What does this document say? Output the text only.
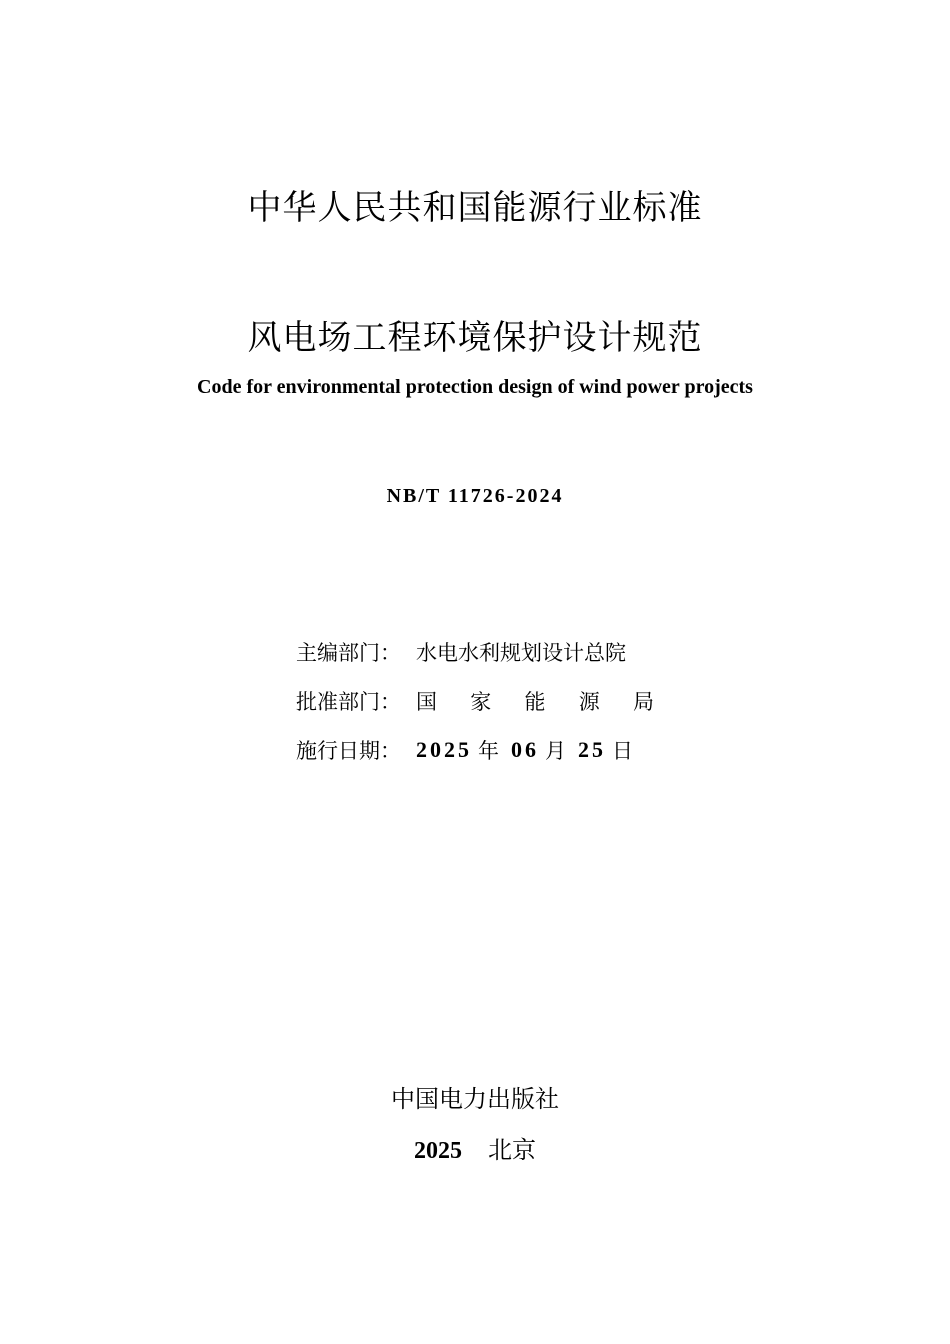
中华人民共和国能源行业标准
风电场工程环境保护设计规范
Code for environmental protection design of wind power projects
NB/T 11726-2024
主编部门： 水电水利规划设计总院
批准部门： 国 家 能 源 局
施行日期： 2025 年 06 月 25 日
中国电力出版社
2025 北京
